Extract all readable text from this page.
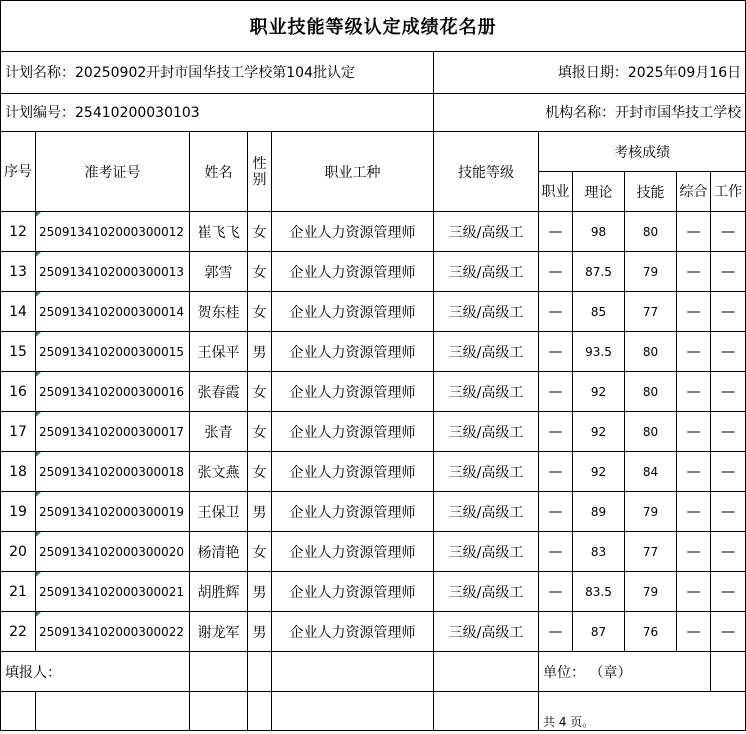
职业技能等级认定成绩花名册										
计划名称：20250902开封市国华技工学校第104批认定					填报日期：2025年09月16日					
计划编号：25410200030103					机构名称：开封市国华技工学校					
序号	准考证号	姓名	性别	职业工种	技能等级	考核成绩				
						职业	理论	技能	综合	工作
12	2509134102000300012	崔飞飞	女	企业人力资源管理师	三级/高级工	—	98	80	—	—
13	2509134102000300013	郭雪	女	企业人力资源管理师	三级/高级工	—	87.5	79	—	—
14	2509134102000300014	贺东桂	女	企业人力资源管理师	三级/高级工	—	85	77	—	—
15	2509134102000300015	王保平	男	企业人力资源管理师	三级/高级工	—	93.5	80	—	—
16	2509134102000300016	张春霞	女	企业人力资源管理师	三级/高级工	—	92	80	—	—
17	2509134102000300017	张青	女	企业人力资源管理师	三级/高级工	—	92	80	—	—
18	2509134102000300018	张文燕	女	企业人力资源管理师	三级/高级工	—	92	84	—	—
19	2509134102000300019	王保卫	男	企业人力资源管理师	三级/高级工	—	89	79	—	—
20	2509134102000300020	杨清艳	女	企业人力资源管理师	三级/高级工	—	83	77	—	—
21	2509134102000300021	胡胜辉	男	企业人力资源管理师	三级/高级工	—	83.5	79	—	—
22	2509134102000300022	谢龙军	男	企业人力资源管理师	三级/高级工	—	87	76	—	—
填报人：						单位： （章）				
						共 4 页。				
